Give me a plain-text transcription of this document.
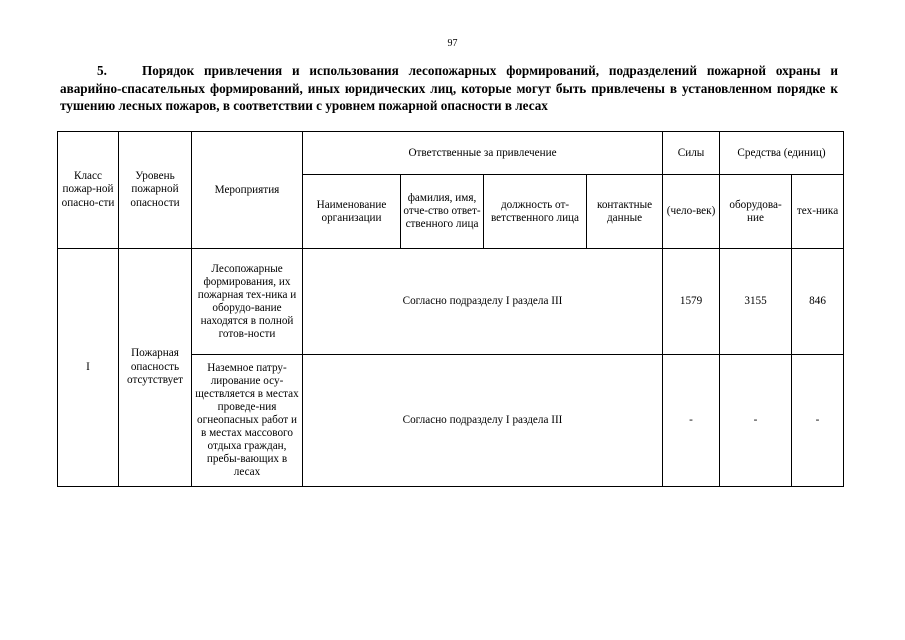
97
5.	Порядок привлечения и использования лесопожарных формирований, подразделений пожарной охраны и аварийно-спасательных формирований, иных юридических лиц, которые могут быть привлечены в установленном порядке к тушению лесных пожаров, в соответствии с уровнем пожарной опасности в лесах
Класс пожар-ной опасно-сти	Уровень пожарной опасности	Мероприятия	Ответственные за привлечение				Силы	Средства (единиц)	
			Наименование организации	фамилия, имя, отче-ство ответ-ственного лица	должность от-ветственного лица	контактные данные	(чело-век)	оборудова-ние	тех-ника
I	Пожарная опасность отсутствует	Лесопожарные формирования, их пожарная тех-ника и оборудо-вание находятся в полной готов-ности	Согласно подразделу I раздела III				1579	3155	846
		Наземное патру-лирование осу-ществляется в местах проведе-ния огнеопасных работ и в местах массового отдыха граждан, пребы-вающих в лесах	Согласно подразделу I раздела III				-	-	-
